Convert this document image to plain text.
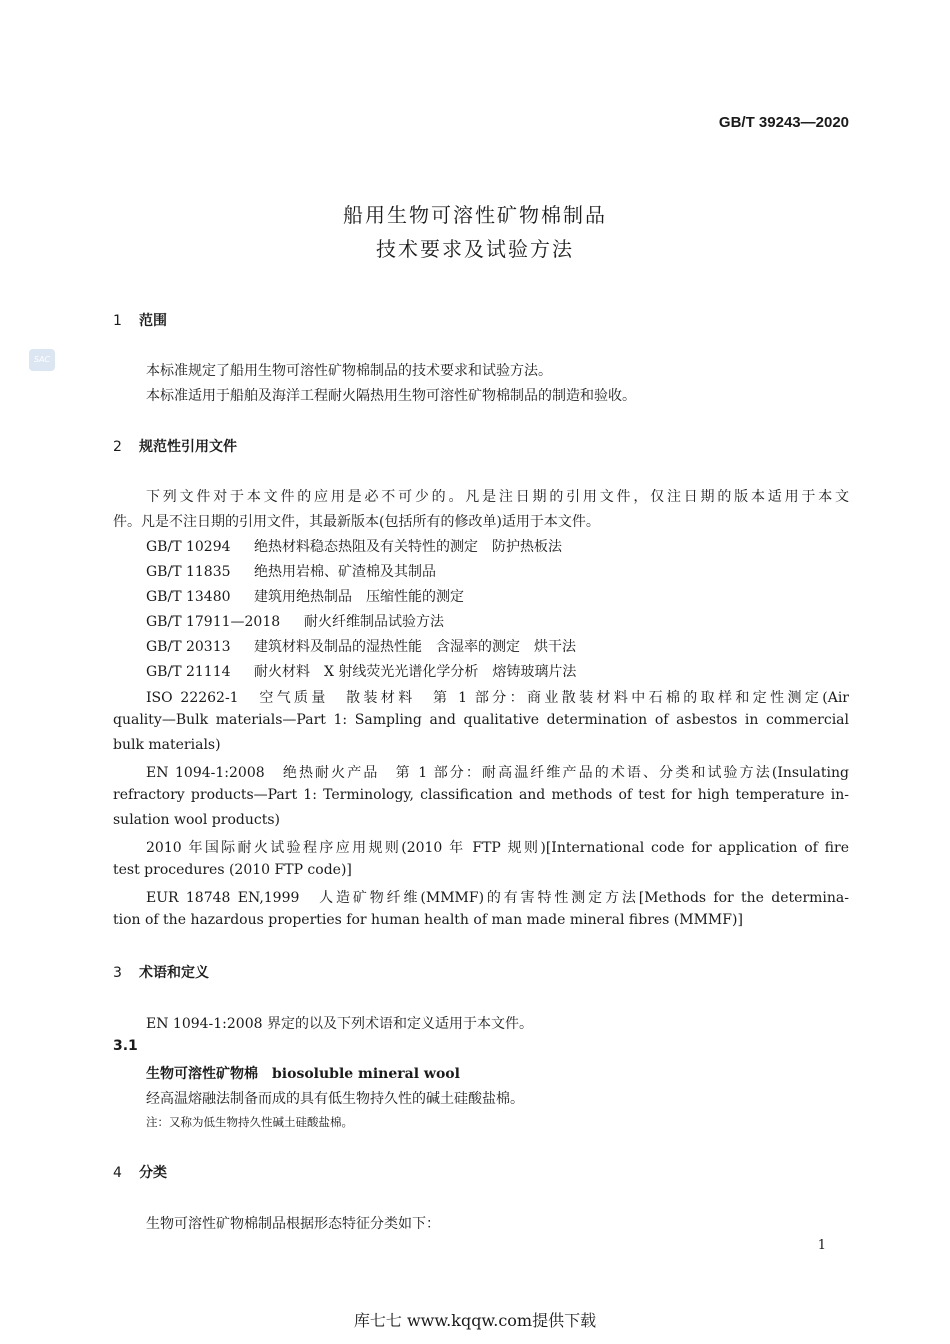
GB/T 39243—2020
船用生物可溶性矿物棉制品
技术要求及试验方法
SAC
1 范围
本标准规定了船用生物可溶性矿物棉制品的技术要求和试验方法。
本标准适用于船舶及海洋工程耐火隔热用生物可溶性矿物棉制品的制造和验收。
2 规范性引用文件
下列文件对于本文件的应用是必不可少的。凡是注日期的引用文件，仅注日期的版本适用于本文
件。凡是不注日期的引用文件，其最新版本(包括所有的修改单)适用于本文件。
GB/T 10294 绝热材料稳态热阻及有关特性的测定　防护热板法
GB/T 11835 绝热用岩棉、矿渣棉及其制品
GB/T 13480 建筑用绝热制品　压缩性能的测定
GB/T 17911—2018 耐火纤维制品试验方法
GB/T 20313 建筑材料及制品的湿热性能　含湿率的测定　烘干法
GB/T 21114 耐火材料　X 射线荧光光谱化学分析　熔铸玻璃片法
ISO 22262-1　空气质量　散装材料　第 1 部分：商业散装材料中石棉的取样和定性测定(Air
quality—Bulk materials—Part 1: Sampling and qualitative determination of asbestos in commercial
bulk materials)
EN 1094-1:2008　绝热耐火产品　第 1 部分：耐高温纤维产品的术语、分类和试验方法(Insulating
refractory products—Part 1: Terminology, classification and methods of test for high temperature in-
sulation wool products)
2010 年国际耐火试验程序应用规则(2010 年 FTP 规则)[International code for application of fire
test procedures (2010 FTP code)]
EUR 18748 EN,1999　人造矿物纤维(MMMF)的有害特性测定方法[Methods for the determina-
tion of the hazardous properties for human health of man made mineral fibres (MMMF)]
3 术语和定义
EN 1094-1:2008 界定的以及下列术语和定义适用于本文件。
3.1
生物可溶性矿物棉 biosoluble mineral wool
经高温熔融法制备而成的具有低生物持久性的碱土硅酸盐棉。
注：又称为低生物持久性碱土硅酸盐棉。
4 分类
生物可溶性矿物棉制品根据形态特征分类如下：
1
库七七 www.kqqw.com提供下载
